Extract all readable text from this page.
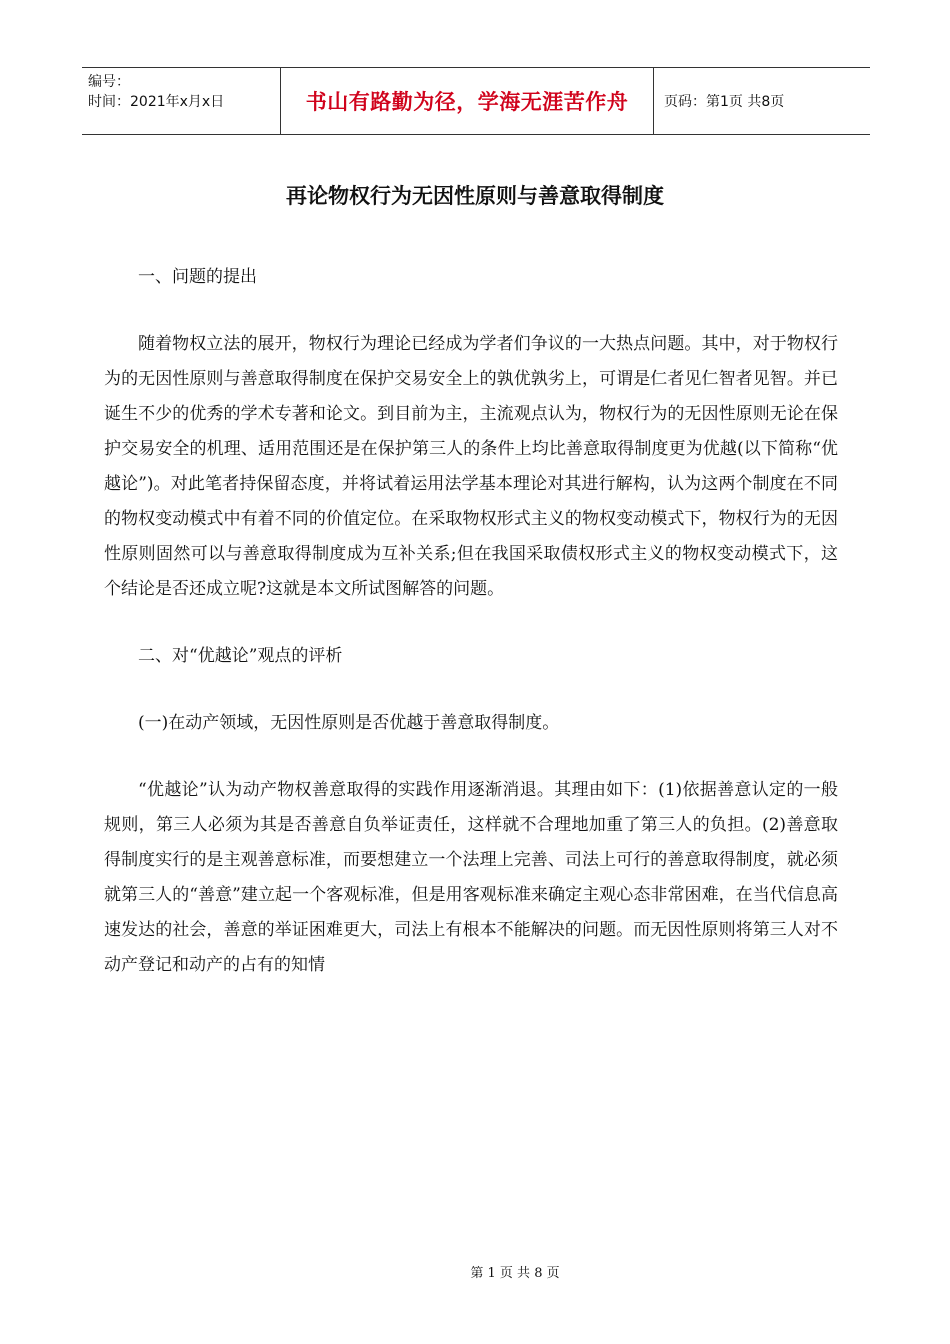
编号：
时间：2021年x月x日	书山有路勤为径，学海无涯苦作舟	页码：第1页 共8页
再论物权行为无因性原则与善意取得制度

一、问题的提出

随着物权立法的展开，物权行为理论已经成为学者们争议的一大热点问题。其中，对于物权行为的无因性原则与善意取得制度在保护交易安全上的孰优孰劣上，可谓是仁者见仁智者见智。并已诞生不少的优秀的学术专著和论文。到目前为主，主流观点认为，物权行为的无因性原则无论在保护交易安全的机理、适用范围还是在保护第三人的条件上均比善意取得制度更为优越(以下简称“优越论”)。对此笔者持保留态度，并将试着运用法学基本理论对其进行解构，认为这两个制度在不同的物权变动模式中有着不同的价值定位。在采取物权形式主义的物权变动模式下，物权行为的无因性原则固然可以与善意取得制度成为互补关系;但在我国采取债权形式主义的物权变动模式下，这个结论是否还成立呢?这就是本文所试图解答的问题。

二、对“优越论”观点的评析

(一)在动产领域，无因性原则是否优越于善意取得制度。

“优越论”认为动产物权善意取得的实践作用逐渐消退。其理由如下：(1)依据善意认定的一般规则，第三人必须为其是否善意自负举证责任，这样就不合理地加重了第三人的负担。(2)善意取得制度实行的是主观善意标准，而要想建立一个法理上完善、司法上可行的善意取得制度，就必须就第三人的“善意”建立起一个客观标准，但是用客观标准来确定主观心态非常困难，在当代信息高速发达的社会，善意的举证困难更大，司法上有根本不能解决的问题。而无因性原则将第三人对不动产登记和动产的占有的知情

第 1 页 共 8 页
